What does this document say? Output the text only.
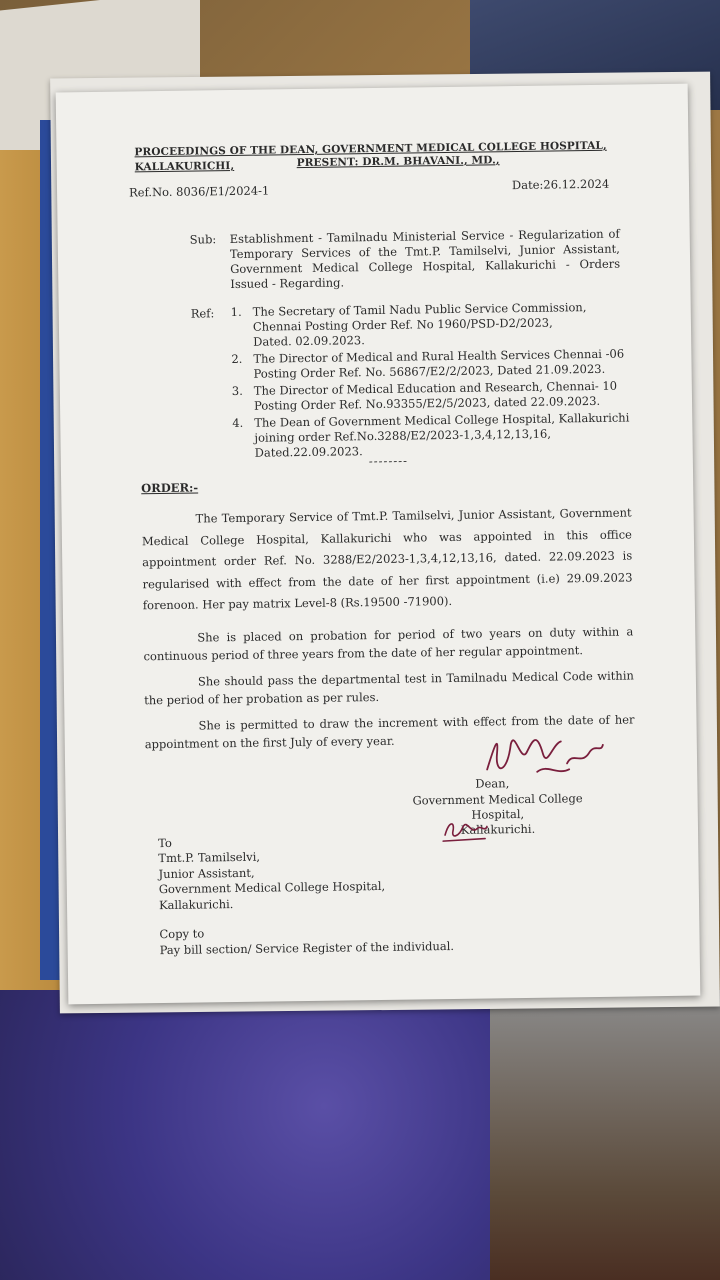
PROCEEDINGS OF THE DEAN, GOVERNMENT MEDICAL COLLEGE HOSPITAL, KALLAKURICHI,	PRESENT: DR.M. BHAVANI., MD.,
Ref.No. 8036/E1/2024-1	Date:26.12.2024
Sub: Establishment - Tamilnadu Ministerial Service - Regularization of Temporary Services of the Tmt.P. Tamilselvi, Junior Assistant, Government Medical College Hospital, Kallakurichi - Orders Issued - Regarding.
Ref: 1. The Secretary of Tamil Nadu Public Service Commission,
Chennai Posting Order Ref. No 1960/PSD-D2/2023,
Dated. 02.09.2023.
2. The Director of Medical and Rural Health Services Chennai -06
Posting Order Ref. No. 56867/E2/2/2023, Dated 21.09.2023.
3. The Director of Medical Education and Research, Chennai- 10
Posting Order Ref. No.93355/E2/5/2023, dated 22.09.2023.
4. The Dean of Government Medical College Hospital, Kallakurichi
joining order Ref.No.3288/E2/2023-1,3,4,12,13,16,
Dated.22.09.2023.
--------
ORDER:-
The Temporary Service of Tmt.P. Tamilselvi, Junior Assistant, Government Medical College Hospital, Kallakurichi who was appointed in this office appointment order Ref. No. 3288/E2/2023-1,3,4,12,13,16, dated. 22.09.2023 is regularised with effect from the date of her first appointment (i.e) 29.09.2023 forenoon. Her pay matrix Level-8 (Rs.19500 -71900).
She is placed on probation for period of two years on duty within a continuous period of three years from the date of her regular appointment.
She should pass the departmental test in Tamilnadu Medical Code within the period of her probation as per rules.
She is permitted to draw the increment with effect from the date of her appointment on the first July of every year.
Dean,
Government Medical College Hospital,
Kallakurichi.
To
Tmt.P. Tamilselvi,
Junior Assistant,
Government Medical College Hospital,
Kallakurichi.
Copy to
Pay bill section/ Service Register of the individual.
